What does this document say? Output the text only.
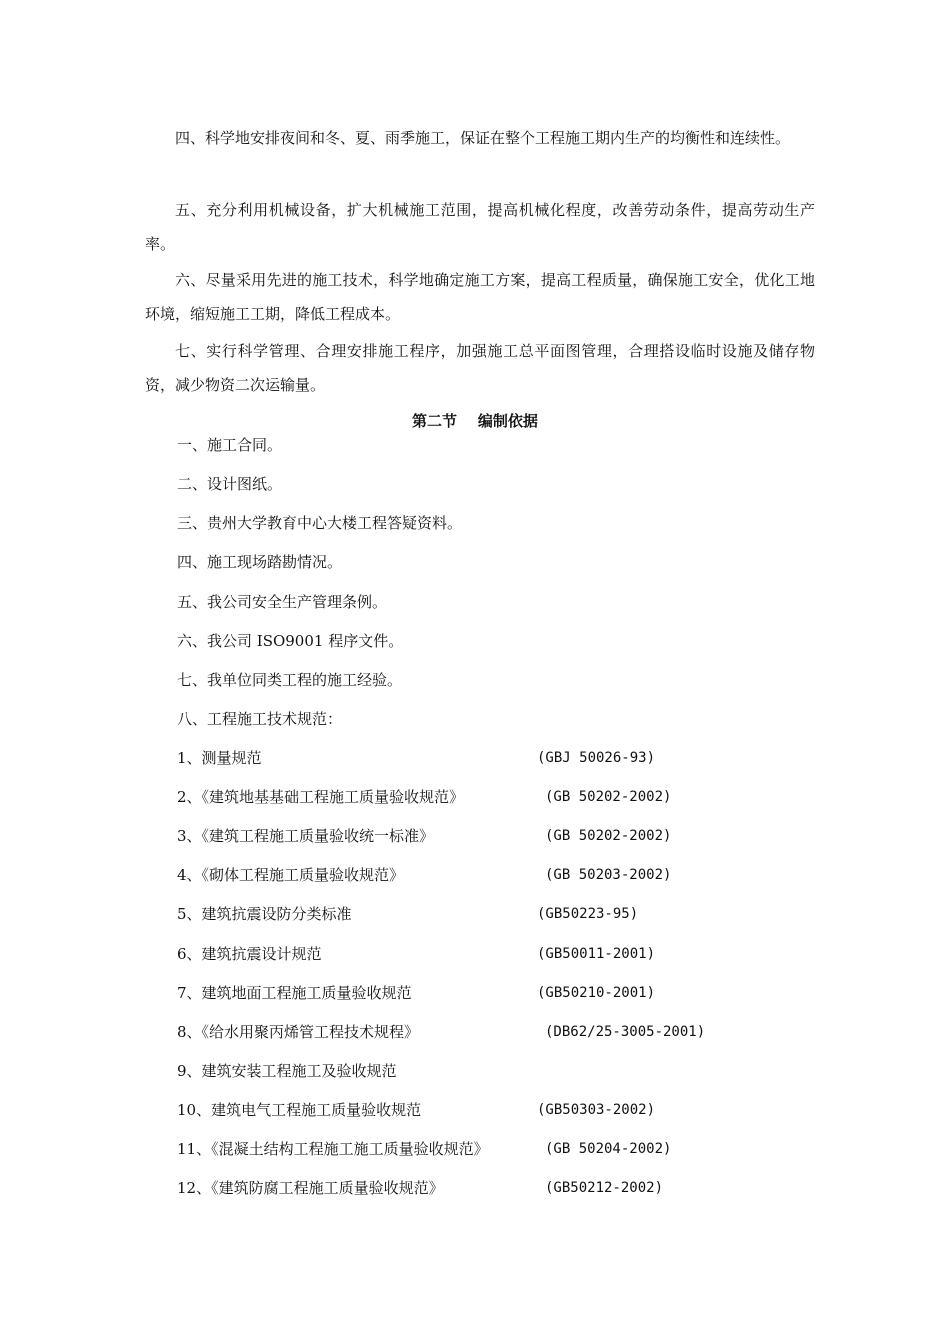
四、科学地安排夜间和冬、夏、雨季施工，保证在整个工程施工期内生产的均衡性和连续性。

五、充分利用机械设备，扩大机械施工范围，提高机械化程度，改善劳动条件，提高劳动生产率。

六、尽量采用先进的施工技术，科学地确定施工方案，提高工程质量，确保施工安全，优化工地环境，缩短施工工期，降低工程成本。

七、实行科学管理、合理安排施工程序，加强施工总平面图管理，合理搭设临时设施及储存物资，减少物资二次运输量。

第二节    编制依据

一、施工合同。

二、设计图纸。

三、贵州大学教育中心大楼工程答疑资料。

四、施工现场踏勘情况。

五、我公司安全生产管理条例。

六、我公司 ISO9001 程序文件。

七、我单位同类工程的施工经验。

八、工程施工技术规范：

1、测量规范	(GBJ 50026-93)
2、《建筑地基基础工程施工质量验收规范》	(GB 50202-2002)
3、《建筑工程施工质量验收统一标准》	(GB 50202-2002)
4、《砌体工程施工质量验收规范》	(GB 50203-2002)
5、建筑抗震设防分类标准	(GB50223-95)
6、建筑抗震设计规范	(GB50011-2001)
7、建筑地面工程施工质量验收规范	(GB50210-2001)
8、《给水用聚丙烯管工程技术规程》	(DB62/25-3005-2001)
9、建筑安装工程施工及验收规范
10、建筑电气工程施工质量验收规范	(GB50303-2002)
11、《混凝土结构工程施工施工质量验收规范》	(GB 50204-2002)
12、《建筑防腐工程施工质量验收规范》	(GB50212-2002)
